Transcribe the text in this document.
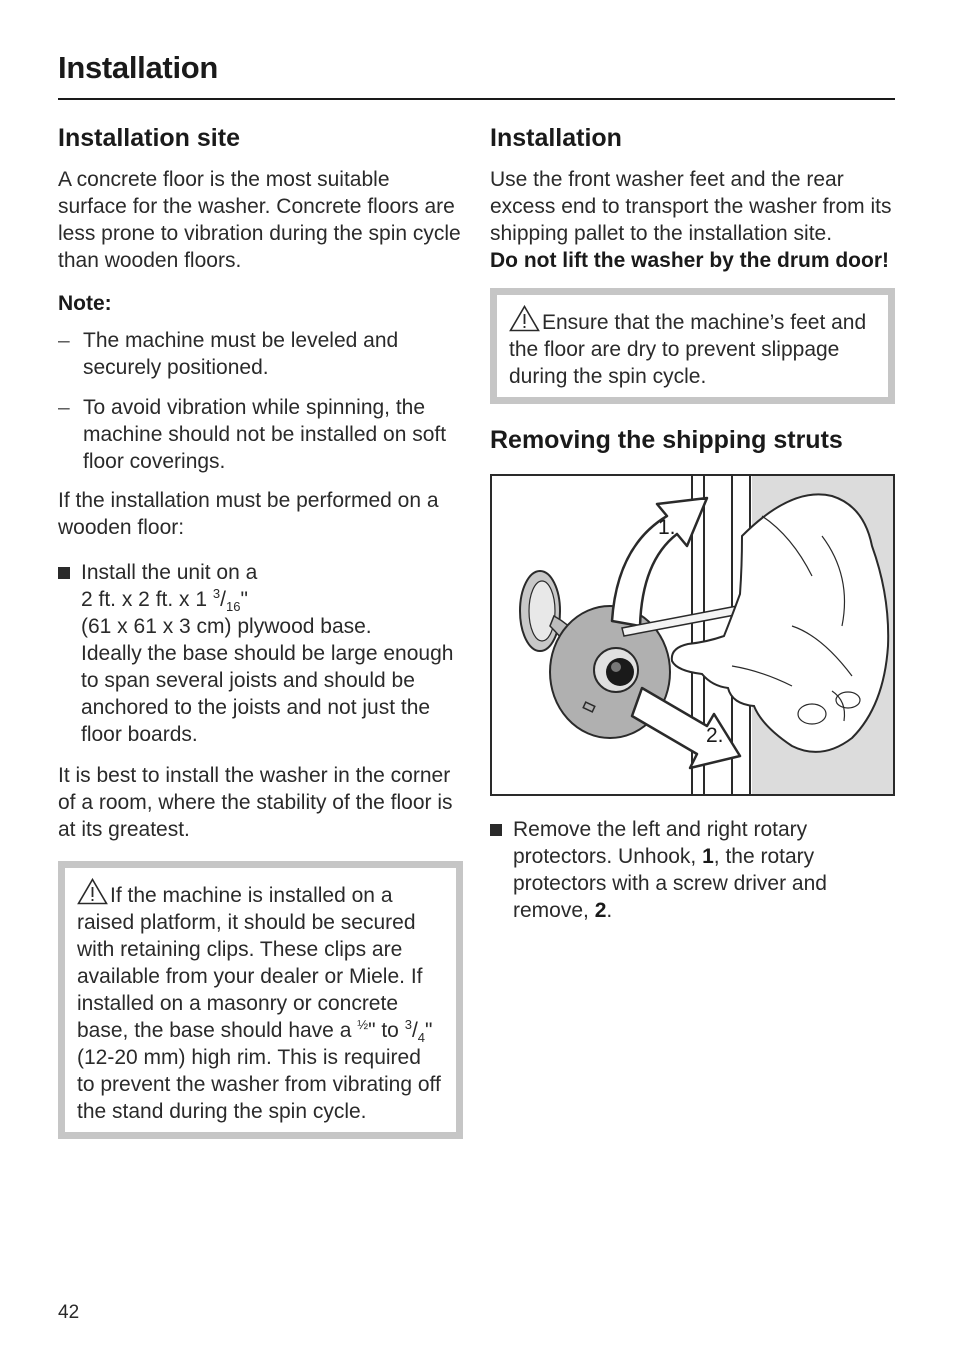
Installation
Installation site

A concrete floor is the most suitable surface for the washer. Concrete floors are less prone to vibration during the spin cycle than wooden floors.

Note:

– The machine must be leveled and securely positioned.
– To avoid vibration while spinning, the machine should not be installed on soft floor coverings.

If the installation must be performed on a wooden floor:

Install the unit on a
2 ft. x 2 ft. x 1 $^3/_{16}$"
(61 x 61 x 3 cm) plywood base.
Ideally the base should be large enough to span several joists and should be anchored to the joists and not just the floor boards.

It is best to install the washer in the corner of a room, where the stability of the floor is at its greatest.

If the machine is installed on a raised platform, it should be secured with retaining clips. These clips are available from your dealer or Miele. If installed on a masonry or concrete base, the base should have a $^{\frac{1}{2}}$" to $^3/_4$" (12-20 mm) high rim. This is required to prevent the washer from vibrating off the stand during the spin cycle.
Installation

Use the front washer feet and the rear excess end to transport the washer from its shipping pallet to the installation site.

Do not lift the washer by the drum door!

Ensure that the machine’s feet and the floor are dry to prevent slippage during the spin cycle.
Removing the shipping struts
1.
2.
Remove the left and right rotary protectors. Unhook, 1, the rotary protectors with a screw driver and remove, 2.
42
